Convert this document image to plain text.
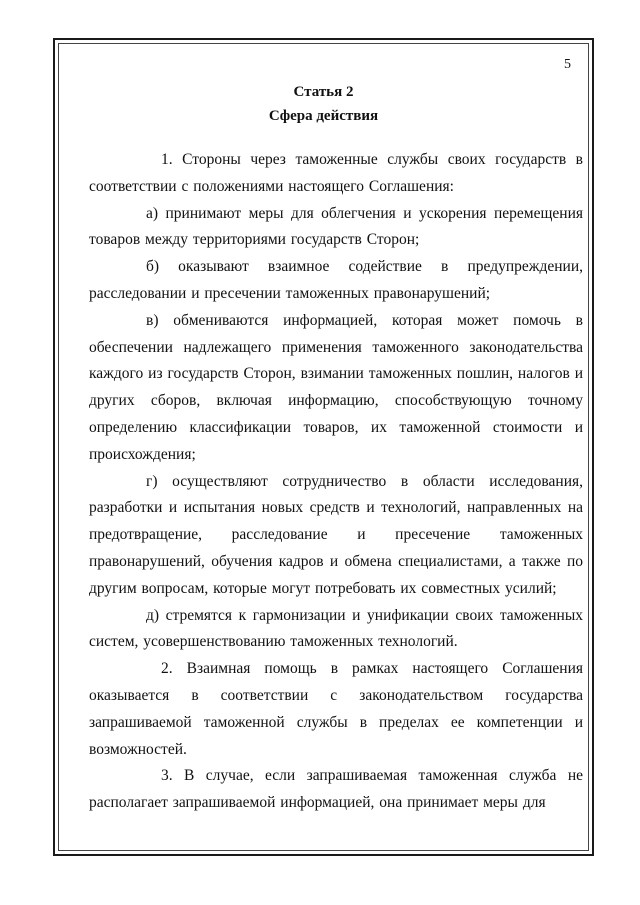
5
Статья 2
Сфера действия

1. Стороны через таможенные службы своих государств в соответствии с положениями настоящего Соглашения:

а) принимают меры для облегчения и ускорения перемещения товаров между территориями государств Сторон;

б) оказывают взаимное содействие в предупреждении, расследовании и пресечении таможенных правонарушений;

в) обмениваются информацией, которая может помочь в обеспечении надлежащего применения таможенного законодательства каждого из государств Сторон, взимании таможенных пошлин, налогов и других сборов, включая информацию, способствующую точному определению классификации товаров, их таможенной стоимости и происхождения;

г) осуществляют сотрудничество в области исследования, разработки и испытания новых средств и технологий, направленных на предотвращение, расследование и пресечение таможенных правонарушений, обучения кадров и обмена специалистами, а также по другим вопросам, которые могут потребовать их совместных усилий;

д) стремятся к гармонизации и унификации своих таможенных систем, усовершенствованию таможенных технологий.

2. Взаимная помощь в рамках настоящего Соглашения оказывается в соответствии с законодательством государства запрашиваемой таможенной службы в пределах ее компетенции и возможностей.

3. В случае, если запрашиваемая таможенная служба не располагает запрашиваемой информацией, она принимает меры для
